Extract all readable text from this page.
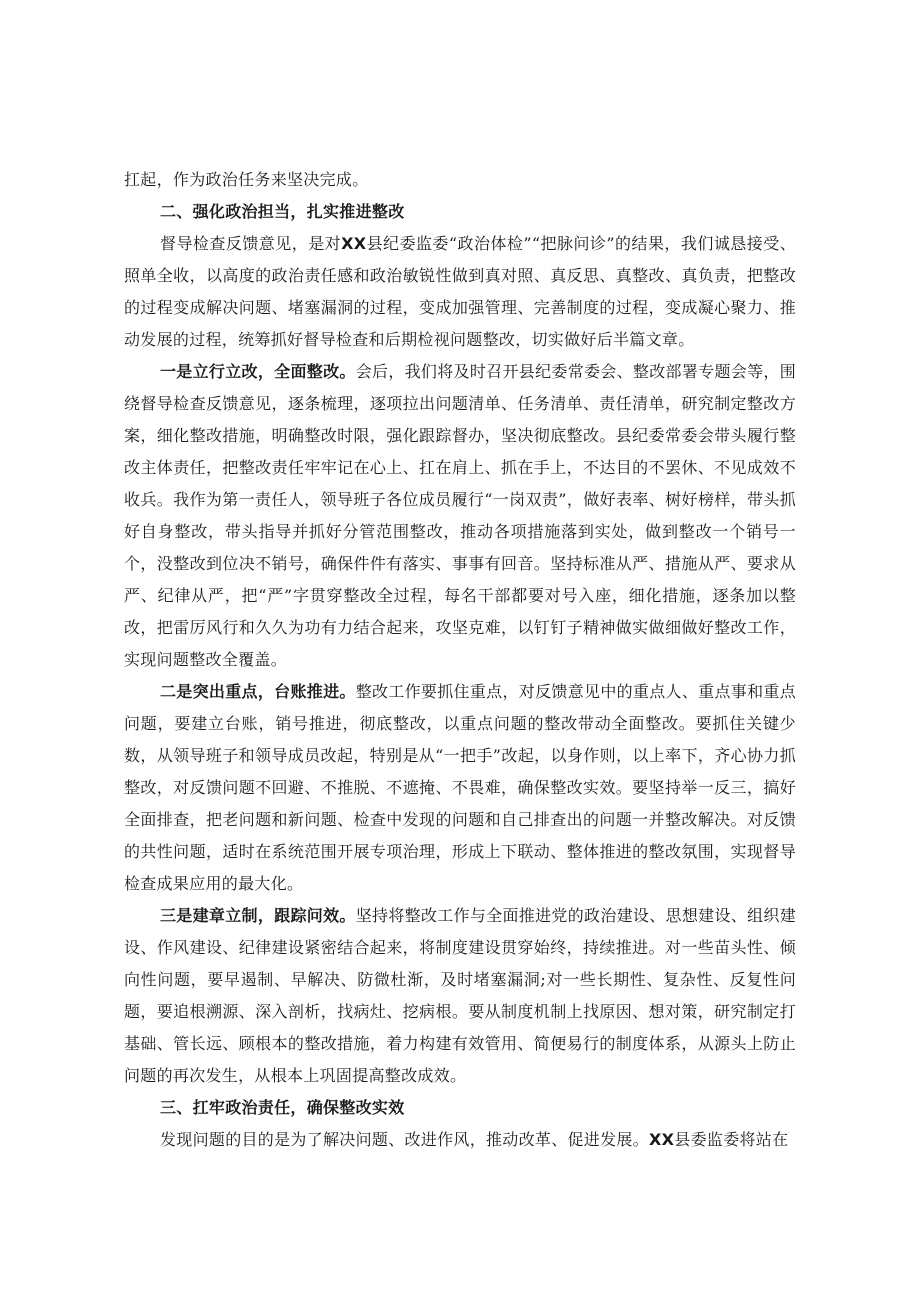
扛起，作为政治任务来坚决完成。

二、强化政治担当，扎实推进整改

督导检查反馈意见，是对XX县纪委监委“政治体检”“把脉问诊”的结果，我们诚恳接受、照单全收，以高度的政治责任感和政治敏锐性做到真对照、真反思、真整改、真负责，把整改的过程变成解决问题、堵塞漏洞的过程，变成加强管理、完善制度的过程，变成凝心聚力、推动发展的过程，统筹抓好督导检查和后期检视问题整改，切实做好后半篇文章。

一是立行立改，全面整改。会后，我们将及时召开县纪委常委会、整改部署专题会等，围绕督导检查反馈意见，逐条梳理，逐项拉出问题清单、任务清单、责任清单，研究制定整改方案，细化整改措施，明确整改时限，强化跟踪督办，坚决彻底整改。县纪委常委会带头履行整改主体责任，把整改责任牢牢记在心上、扛在肩上、抓在手上，不达目的不罢休、不见成效不收兵。我作为第一责任人，领导班子各位成员履行“一岗双责”，做好表率、树好榜样，带头抓好自身整改，带头指导并抓好分管范围整改，推动各项措施落到实处，做到整改一个销号一个，没整改到位决不销号，确保件件有落实、事事有回音。坚持标准从严、措施从严、要求从严、纪律从严，把“严”字贯穿整改全过程，每名干部都要对号入座，细化措施，逐条加以整改，把雷厉风行和久久为功有力结合起来，攻坚克难，以钉钉子精神做实做细做好整改工作，实现问题整改全覆盖。

二是突出重点，台账推进。整改工作要抓住重点，对反馈意见中的重点人、重点事和重点问题，要建立台账，销号推进，彻底整改，以重点问题的整改带动全面整改。要抓住关键少数，从领导班子和领导成员改起，特别是从“一把手”改起，以身作则，以上率下，齐心协力抓整改，对反馈问题不回避、不推脱、不遮掩、不畏难，确保整改实效。要坚持举一反三，搞好全面排查，把老问题和新问题、检查中发现的问题和自己排查出的问题一并整改解决。对反馈的共性问题，适时在系统范围开展专项治理，形成上下联动、整体推进的整改氛围，实现督导检查成果应用的最大化。

三是建章立制，跟踪问效。坚持将整改工作与全面推进党的政治建设、思想建设、组织建设、作风建设、纪律建设紧密结合起来，将制度建设贯穿始终，持续推进。对一些苗头性、倾向性问题，要早遏制、早解决、防微杜渐，及时堵塞漏洞;对一些长期性、复杂性、反复性问题，要追根溯源、深入剖析，找病灶、挖病根。要从制度机制上找原因、想对策，研究制定打基础、管长远、顾根本的整改措施，着力构建有效管用、简便易行的制度体系，从源头上防止问题的再次发生，从根本上巩固提高整改成效。

三、扛牢政治责任，确保整改实效

发现问题的目的是为了解决问题、改进作风，推动改革、促进发展。XX县委监委将站在
